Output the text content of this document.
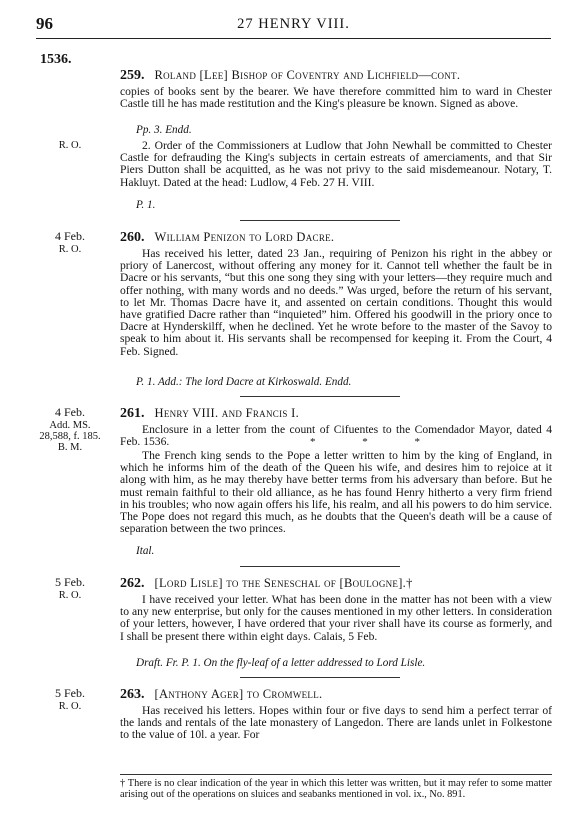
96	27 HENRY VIII.
1536.
259. Roland [Lee] Bishop of Coventry and Lichfield—cont.

copies of books sent by the bearer. We have therefore committed him to ward in Chester Castle till he has made restitution and the King's pleasure be known. Signed as above.

Pp. 3. Endd.
R. O.	2. Order of the Commissioners at Ludlow that John Newhall be committed to Chester Castle for defrauding the King's subjects in certain estreats of amerciaments, and that Sir Piers Dutton shall be acquitted, as he was not privy to the said misdemeanour. Notary, T. Hakluyt. Dated at the head: Ludlow, 4 Feb. 27 H. VIII.

P. 1.
4 Feb.
R. O.
260. William Penizon to Lord Dacre.

Has received his letter, dated 23 Jan., requiring of Penizon his right in the abbey or priory of Lanercost, without offering any money for it. Cannot tell whether the fault be in Dacre or his servants, “but this one song they sing with your letters—they require much and offer nothing, with many words and no deeds.” Was urged, before the return of his servant, to let Mr. Thomas Dacre have it, and assented on certain conditions. Thought this would have gratified Dacre rather than “inquieted” him. Offered his goodwill in the priory once to Dacre at Hynderskilff, when he declined. Yet he wrote before to the master of the Savoy to speak to him about it. His servants shall be recompensed for keeping it. From the Court, 4 Feb. Signed.

P. 1. Add.: The lord Dacre at Kirkoswald. Endd.
4 Feb.
Add. MS. 28,588, f. 185. B. M.
261. Henry VIII. and Francis I.

Enclosure in a letter from the count of Cifuentes to the Comendador Mayor, dated 4 Feb. 1536.	* * *

The French king sends to the Pope a letter written to him by the king of England, in which he informs him of the death of the Queen his wife, and desires him to rejoice at it along with him, as he may thereby have better terms from his adversary than before. But he must remain faithful to their old alliance, as he has found Henry hitherto a very firm friend in his troubles; who now again offers his life, his realm, and all his powers to do him service. The Pope does not regard this much, as he doubts that the Queen's death will be a cause of separation between the two princes.

Ital.
5 Feb.
R. O.
262. [Lord Lisle] to the Seneschal of [Boulogne].†

I have received your letter. What has been done in the matter has not been with a view to any new enterprise, but only for the causes mentioned in my other letters. In consideration of your letters, however, I have ordered that your river shall have its course as formerly, and I shall be present there within eight days. Calais, 5 Feb.

Draft. Fr. P. 1. On the fly-leaf of a letter addressed to Lord Lisle.
5 Feb.
R. O.
263. [Anthony Ager] to Cromwell.

Has received his letters. Hopes within four or five days to send him a perfect terrar of the lands and rentals of the late monastery of Langedon. There are lands unlet in Folkestone to the value of 10l. a year. For

† There is no clear indication of the year in which this letter was written, but it may refer to some matter arising out of the operations on sluices and seabanks mentioned in vol. ix., No. 891.
